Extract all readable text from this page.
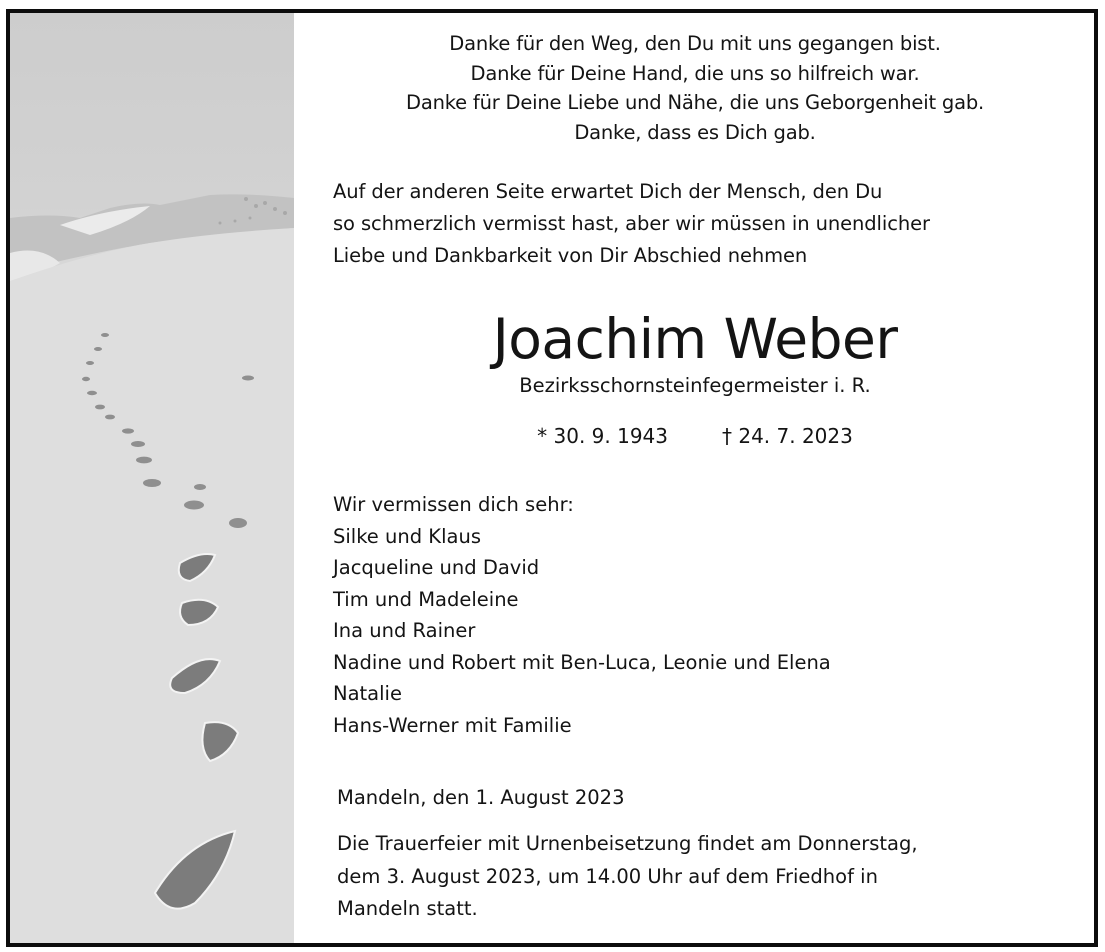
Danke für den Weg, den Du mit uns gegangen bist.
Danke für Deine Hand, die uns so hilfreich war.
Danke für Deine Liebe und Nähe, die uns Geborgenheit gab.
Danke, dass es Dich gab.
Auf der anderen Seite erwartet Dich der Mensch, den Du
so schmerzlich vermisst hast, aber wir müssen in unendlicher
Liebe und Dankbarkeit von Dir Abschied nehmen
Joachim Weber
Bezirksschornsteinfegermeister i. R.
* 30. 9. 1943	† 24. 7. 2023
Wir vermissen dich sehr:
Silke und Klaus
Jacqueline und David
Tim und Madeleine
Ina und Rainer
Nadine und Robert mit Ben-Luca, Leonie und Elena
Natalie
Hans-Werner mit Familie
Mandeln, den 1. August 2023
Die Trauerfeier mit Urnenbeisetzung findet am Donnerstag,
dem 3. August 2023, um 14.00 Uhr auf dem Friedhof in
Mandeln statt.
